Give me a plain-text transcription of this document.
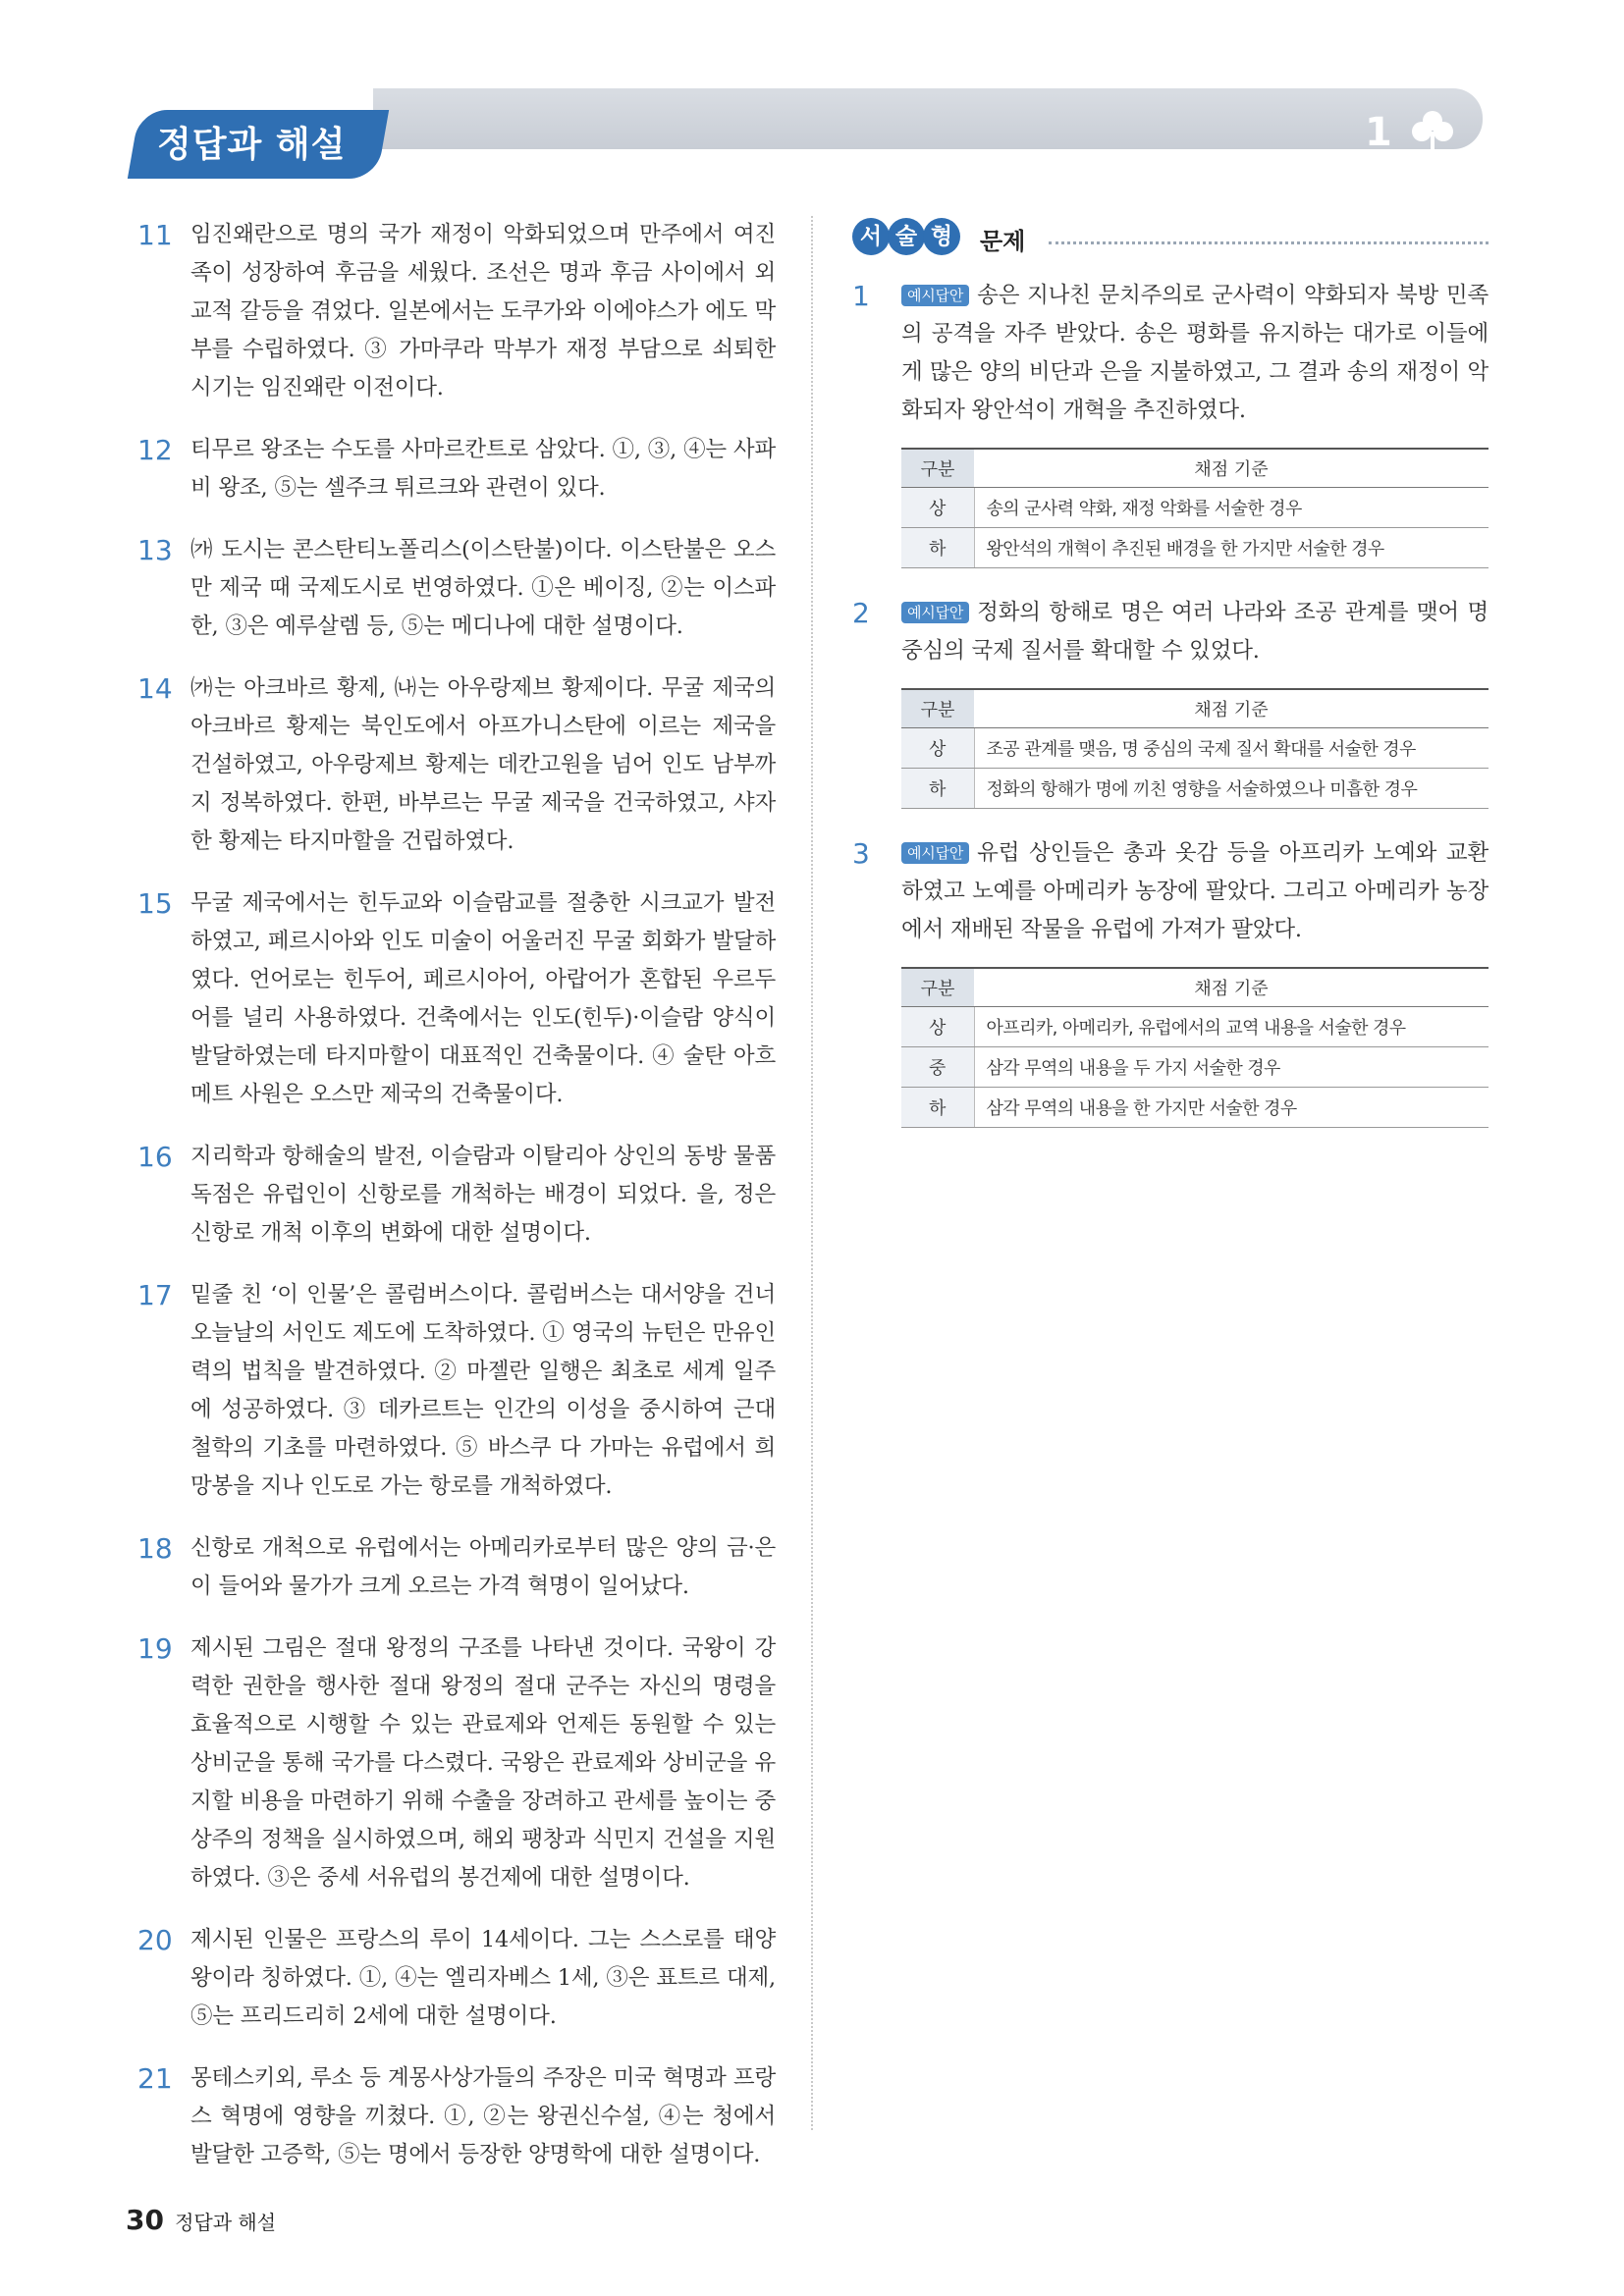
정답과 해설	1
11 임진왜란으로 명의 국가 재정이 악화되었으며 만주에서 여진족이 성장하여 후금을 세웠다. 조선은 명과 후금 사이에서 외교적 갈등을 겪었다. 일본에서는 도쿠가와 이에야스가 에도 막부를 수립하였다. ③ 가마쿠라 막부가 재정 부담으로 쇠퇴한 시기는 임진왜란 이전이다.
12 티무르 왕조는 수도를 사마르칸트로 삼았다. ①, ③, ④는 사파비 왕조, ⑤는 셀주크 튀르크와 관련이 있다.
13 ㈎ 도시는 콘스탄티노폴리스(이스탄불)이다. 이스탄불은 오스만 제국 때 국제도시로 번영하였다. ①은 베이징, ②는 이스파한, ③은 예루살렘 등, ⑤는 메디나에 대한 설명이다.
14 ㈎는 아크바르 황제, ㈏는 아우랑제브 황제이다. 무굴 제국의 아크바르 황제는 북인도에서 아프가니스탄에 이르는 제국을 건설하였고, 아우랑제브 황제는 데칸고원을 넘어 인도 남부까지 정복하였다. 한편, 바부르는 무굴 제국을 건국하였고, 샤자한 황제는 타지마할을 건립하였다.
15 무굴 제국에서는 힌두교와 이슬람교를 절충한 시크교가 발전하였고, 페르시아와 인도 미술이 어울러진 무굴 회화가 발달하였다. 언어로는 힌두어, 페르시아어, 아랍어가 혼합된 우르두어를 널리 사용하였다. 건축에서는 인도(힌두)·이슬람 양식이 발달하였는데 타지마할이 대표적인 건축물이다. ④ 술탄 아흐메트 사원은 오스만 제국의 건축물이다.
16 지리학과 항해술의 발전, 이슬람과 이탈리아 상인의 동방 물품 독점은 유럽인이 신항로를 개척하는 배경이 되었다. 을, 정은 신항로 개척 이후의 변화에 대한 설명이다.
17 밑줄 친 ‘이 인물’은 콜럼버스이다. 콜럼버스는 대서양을 건너 오늘날의 서인도 제도에 도착하였다. ① 영국의 뉴턴은 만유인력의 법칙을 발견하였다. ② 마젤란 일행은 최초로 세계 일주에 성공하였다. ③ 데카르트는 인간의 이성을 중시하여 근대 철학의 기초를 마련하였다. ⑤ 바스쿠 다 가마는 유럽에서 희망봉을 지나 인도로 가는 항로를 개척하였다.
18 신항로 개척으로 유럽에서는 아메리카로부터 많은 양의 금·은이 들어와 물가가 크게 오르는 가격 혁명이 일어났다.
19 제시된 그림은 절대 왕정의 구조를 나타낸 것이다. 국왕이 강력한 권한을 행사한 절대 왕정의 절대 군주는 자신의 명령을 효율적으로 시행할 수 있는 관료제와 언제든 동원할 수 있는 상비군을 통해 국가를 다스렸다. 국왕은 관료제와 상비군을 유지할 비용을 마련하기 위해 수출을 장려하고 관세를 높이는 중상주의 정책을 실시하였으며, 해외 팽창과 식민지 건설을 지원하였다. ③은 중세 서유럽의 봉건제에 대한 설명이다.
20 제시된 인물은 프랑스의 루이 14세이다. 그는 스스로를 태양왕이라 칭하였다. ①, ④는 엘리자베스 1세, ③은 표트르 대제, ⑤는 프리드리히 2세에 대한 설명이다.
21 몽테스키외, 루소 등 계몽사상가들의 주장은 미국 혁명과 프랑스 혁명에 영향을 끼쳤다. ①, ②는 왕권신수설, ④는 청에서 발달한 고증학, ⑤는 명에서 등장한 양명학에 대한 설명이다.
서 술 형	문제
1	예시답안 송은 지나친 문치주의로 군사력이 약화되자 북방 민족의 공격을 자주 받았다. 송은 평화를 유지하는 대가로 이들에게 많은 양의 비단과 은을 지불하였고, 그 결과 송의 재정이 악화되자 왕안석이 개혁을 추진하였다.
구분	채점 기준
상	송의 군사력 약화, 재정 악화를 서술한 경우
하	왕안석의 개혁이 추진된 배경을 한 가지만 서술한 경우
2	예시답안 정화의 항해로 명은 여러 나라와 조공 관계를 맺어 명 중심의 국제 질서를 확대할 수 있었다.
구분	채점 기준
상	조공 관계를 맺음, 명 중심의 국제 질서 확대를 서술한 경우
하	정화의 항해가 명에 끼친 영향을 서술하였으나 미흡한 경우
3	예시답안 유럽 상인들은 총과 옷감 등을 아프리카 노예와 교환하였고 노예를 아메리카 농장에 팔았다. 그리고 아메리카 농장에서 재배된 작물을 유럽에 가져가 팔았다.
구분	채점 기준
상	아프리카, 아메리카, 유럽에서의 교역 내용을 서술한 경우
중	삼각 무역의 내용을 두 가지 서술한 경우
하	삼각 무역의 내용을 한 가지만 서술한 경우
30 정답과 해설
